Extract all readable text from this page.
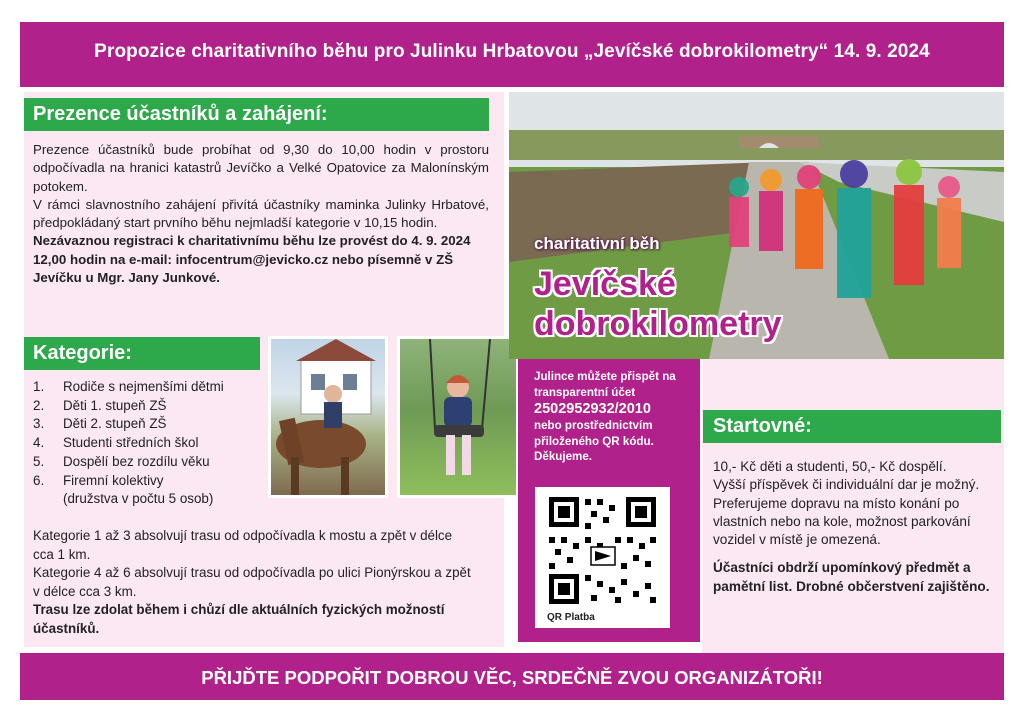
Propozice charitativního běhu pro Julinku Hrbatovou „Jevíčské dobrokilometry“ 14. 9. 2024
Prezence účastníků a zahájení:

Prezence účastníků bude probíhat od 9,30 do 10,00 hodin v prostoru odpočívadla na hranici katastrů Jevíčko a Velké Opatovice za Malonínským potokem.

V rámci slavnostního zahájení přivítá účastníky maminka Julinky Hrbatové, předpokládaný start prvního běhu nejmladší kategorie v 10,15 hodin.

Nezávaznou registraci k charitativnímu běhu lze provést do 4. 9. 2024 12,00 hodin na e-mail: infocentrum@jevicko.cz nebo písemně v ZŠ Jevíčku u Mgr. Jany Junkové.

Kategorie:
1.	Rodiče s nejmenšími dětmi
2.	Děti 1. stupeň ZŠ
3.	Děti 2. stupeň ZŠ
4.	Studenti středních škol
5.	Dospělí bez rozdílu věku
6.	Firemní kolektivy
(družstva v počtu 5 osob)

Kategorie 1 až 3 absolvují trasu od odpočívadla k mostu a zpět v délce cca 1 km.

Kategorie 4 až 6 absolvují trasu od odpočívadla po ulici Pionýrskou a zpět v délce cca 3 km.

Trasu lze zdolat během i chůzí dle aktuálních fyzických možností účastníků.

charitativní běh
Jevíčské
dobrokilometry
Julince můžete přispět na transparentní účet
2502952932/2010
nebo prostřednictvím přiloženého QR kódu.
Děkujeme.
QR Platba
Startovné:

10,- Kč děti a studenti, 50,- Kč dospělí.

Vyšší příspěvek či individuální dar je možný.

Preferujeme dopravu na místo konání po vlastních nebo na kole, možnost parkování vozidel v místě je omezená.

Účastníci obdrží upomínkový předmět a pamětní list. Drobné občerstvení zajištěno.

PŘIJĎTE PODPOŘIT DOBROU VĚC, SRDEČNĚ ZVOU ORGANIZÁTOŘI!
